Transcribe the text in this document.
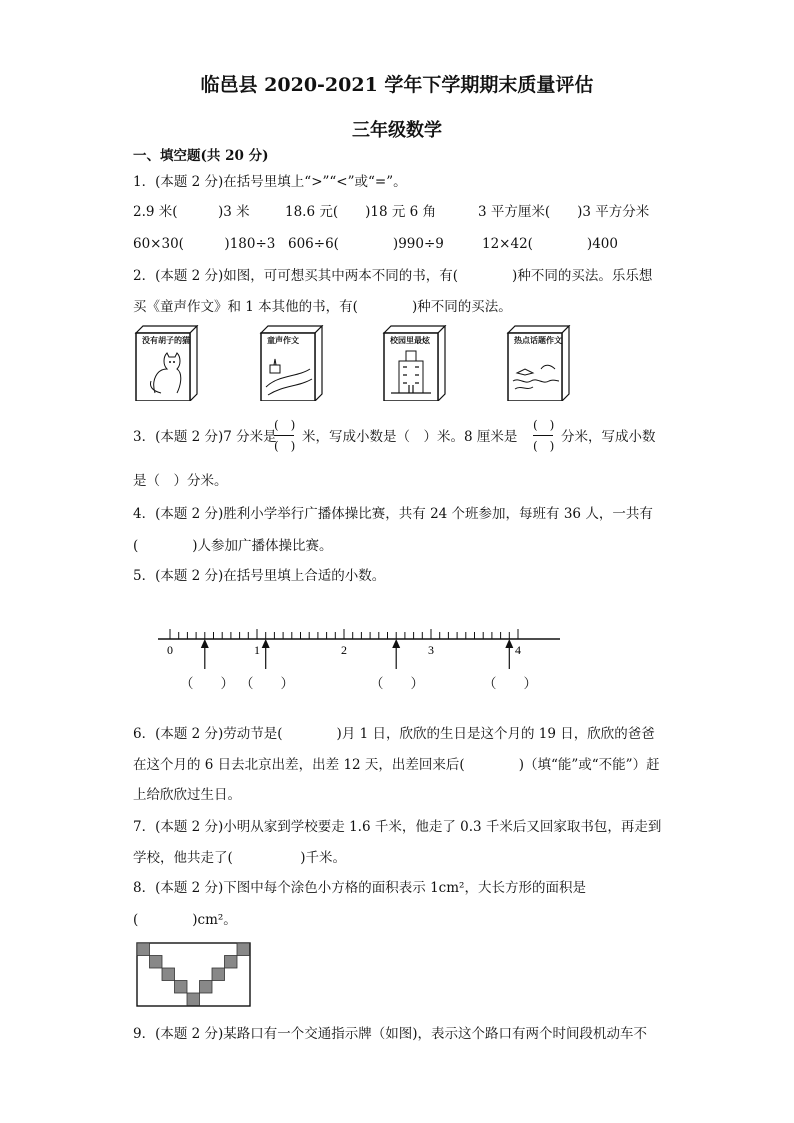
临邑县 2020-2021 学年下学期期末质量评估
三年级数学
一、填空题(共 20 分)
1．(本题 2 分)在括号里填上“>”“<”或“=”。
2.9 米(　　　)3 米	18.6 元(　　)18 元 6 角	3 平方厘米(　　)3 平方分米
60×30(　　　)180÷3 606÷6(　　　　)990÷9	12×42(　　　　)400
2．(本题 2 分)如图，可可想买其中两本不同的书，有(　　　　)种不同的买法。乐乐想
买《童声作文》和 1 本其他的书，有(　　　　)种不同的买法。
没有胡子的猫	童声作文	校园里最炫	热点话题作文
3．(本题 2 分)7 分米是
(　)
(　)
米，写成小数是（　）米。8 厘米是
(　)
(　)
分米，写成小数
是（　）分米。
4．(本题 2 分)胜利小学举行广播体操比赛，共有 24 个班参加，每班有 36 人，一共有
(　　　　)人参加广播体操比赛。
5．(本题 2 分)在括号里填上合适的小数。
0	1	2	3	4
（　　） （　　）	（　　）	（　　）
6．(本题 2 分)劳动节是(　　　　)月 1 日，欣欣的生日是这个月的 19 日，欣欣的爸爸
在这个月的 6 日去北京出差，出差 12 天，出差回来后(　　　　)（填“能”或“不能”）赶
上给欣欣过生日。
7．(本题 2 分)小明从家到学校要走 1.6 千米，他走了 0.3 千米后又回家取书包，再走到
学校，他共走了(　　　　　)千米。
8．(本题 2 分)下图中每个涂色小方格的面积表示 1cm²，大长方形的面积是
(　　　　)cm²。
9．(本题 2 分)某路口有一个交通指示牌（如图)，表示这个路口有两个时间段机动车不
